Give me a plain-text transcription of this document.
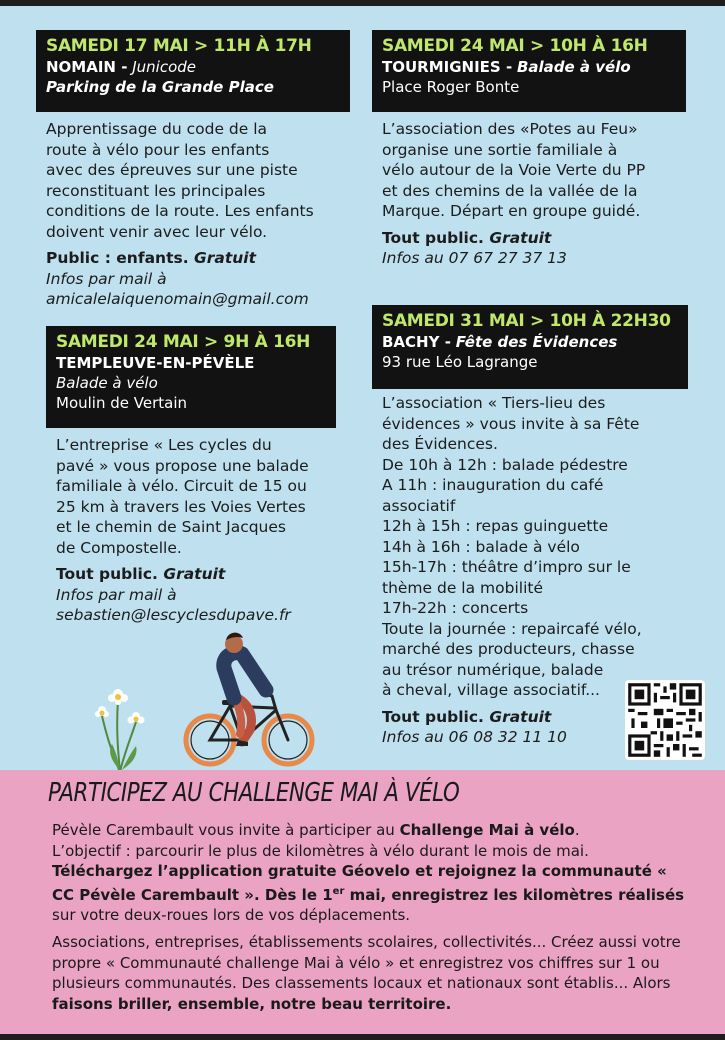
SAMEDI 17 MAI > 11H À 17H
NOMAIN - Junicode
Parking de la Grande Place

Apprentissage du code de la

route à vélo pour les enfants

avec des épreuves sur une piste

reconstituant les principales

conditions de la route. Les enfants

doivent venir avec leur vélo.

Public : enfants. Gratuit
Infos par mail à
amicalelaiquenomain@gmail.com
SAMEDI 24 MAI > 10H À 16H
TOURMIGNIES - Balade à vélo
Place Roger Bonte

L’association des «Potes au Feu»

organise une sortie familiale à

vélo autour de la Voie Verte du PP

et des chemins de la vallée de la

Marque. Départ en groupe guidé.

Tout public. Gratuit
Infos au 07 67 27 37 13
SAMEDI 24 MAI > 9H À 16H
TEMPLEUVE-EN-PÉVÈLE
Balade à vélo
Moulin de Vertain

L’entreprise « Les cycles du

pavé » vous propose une balade

familiale à vélo. Circuit de 15 ou

25 km à travers les Voies Vertes

et le chemin de Saint Jacques

de Compostelle.

Tout public. Gratuit
Infos par mail à
sebastien@lescyclesdupave.fr
SAMEDI 31 MAI > 10H À 22H30
BACHY - Fête des Évidences
93 rue Léo Lagrange

L’association « Tiers-lieu des

évidences » vous invite à sa Fête

des Évidences.

De 10h à 12h : balade pédestre

A 11h : inauguration du café

associatif

12h à 15h : repas guinguette

14h à 16h : balade à vélo

15h-17h : théâtre d’impro sur le

thème de la mobilité

17h-22h : concerts

Toute la journée : repaircafé vélo,

marché des producteurs, chasse

au trésor numérique, balade

à cheval, village associatif...

Tout public. Gratuit
Infos au 06 08 32 11 10
PARTICIPEZ AU CHALLENGE MAI À VÉLO

Pévèle Carembault vous invite à participer au Challenge Mai à vélo.

L’objectif : parcourir le plus de kilomètres à vélo durant le mois de mai.

Téléchargez l’application gratuite Géovelo et rejoignez la communauté « CC Pévèle Carembault ». Dès le 1er mai, enregistrez les kilomètres réalisés sur votre deux-roues lors de vos déplacements.

Associations, entreprises, établissements scolaires, collectivités... Créez aussi votre propre « Communauté challenge Mai à vélo » et enregistrez vos chiffres sur 1 ou plusieurs communautés. Des classements locaux et nationaux sont établis... Alors faisons briller, ensemble, notre beau territoire.
